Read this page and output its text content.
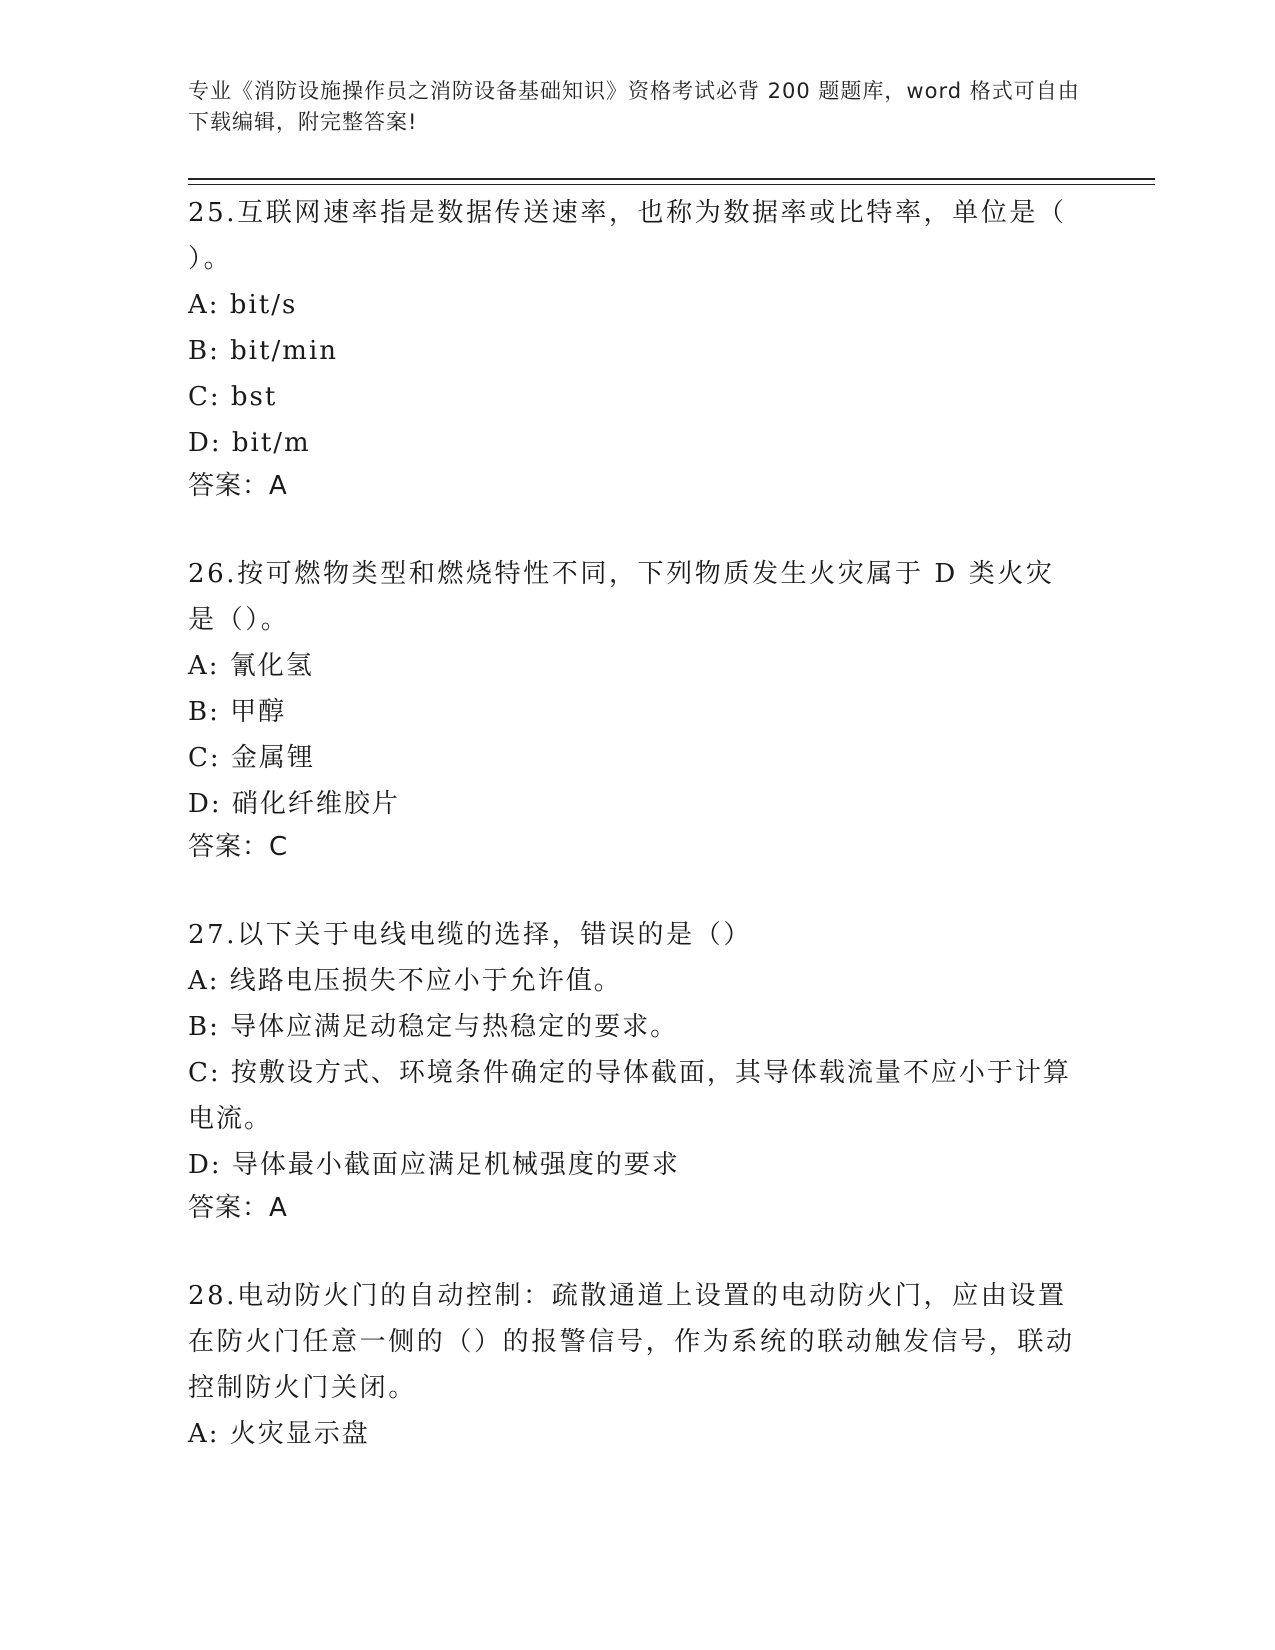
专业《消防设施操作员之消防设备基础知识》资格考试必背 200 题题库，word 格式可自由下载编辑，附完整答案!
25.互联网速率指是数据传送速率，也称为数据率或比特率，单位是（ ）。
A: bit/s
B: bit/min
C: bst
D: bit/m
答案：A
26.按可燃物类型和燃烧特性不同，下列物质发生火灾属于 D 类火灾是（）。
A: 氰化氢
B: 甲醇
C: 金属锂
D: 硝化纤维胶片
答案：C
27.以下关于电线电缆的选择，错误的是（）
A: 线路电压损失不应小于允许值。
B: 导体应满足动稳定与热稳定的要求。
C: 按敷设方式、环境条件确定的导体截面，其导体载流量不应小于计算电流。
D: 导体最小截面应满足机械强度的要求
答案：A
28.电动防火门的自动控制：疏散通道上设置的电动防火门，应由设置在防火门任意一侧的（）的报警信号，作为系统的联动触发信号，联动控制防火门关闭。
A: 火灾显示盘
